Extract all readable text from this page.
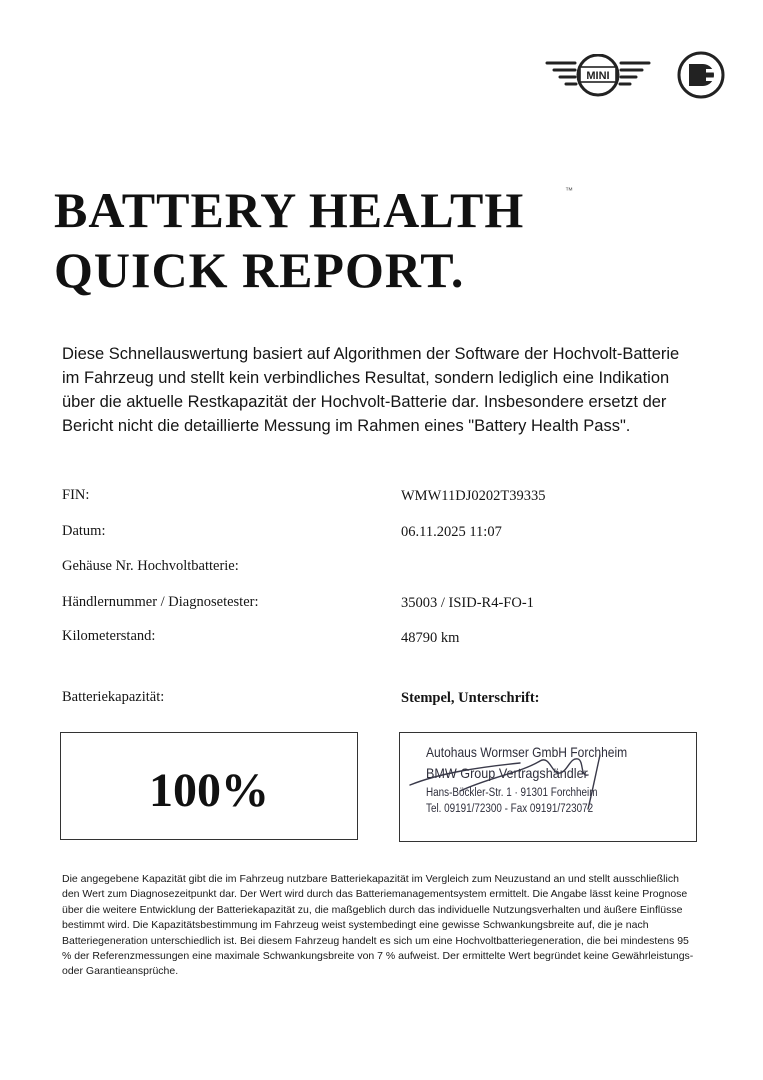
MINI
BATTERY HEALTH
QUICK REPORT.
™

Diese Schnellauswertung basiert auf Algorithmen der Software der Hochvolt-Batterie im Fahrzeug und stellt kein verbindliches Resultat, sondern lediglich eine Indikation über die aktuelle Restkapazität der Hochvolt-Batterie dar. Insbesondere ersetzt der Bericht nicht die detaillierte Messung im Rahmen eines "Battery Health Pass".

FIN:	WMW11DJ0202T39335
Datum:	06.11.2025 11:07
Gehäuse Nr. Hochvoltbatterie:
Händlernummer / Diagnosetester:	35003 / ISID-R4-FO-1
Kilometerstand:	48790 km
Batteriekapazität:
100%
Stempel, Unterschrift:
Autohaus Wormser GmbH Forchheim
BMW Group Vertragshändler
Hans-Böckler-Str. 1 · 91301 Forchheim
Tel. 09191/72300 - Fax 09191/723072

Die angegebene Kapazität gibt die im Fahrzeug nutzbare Batteriekapazität im Vergleich zum Neuzustand an und stellt ausschließlich den Wert zum Diagnosezeitpunkt dar. Der Wert wird durch das Batteriemanagementsystem ermittelt. Die Angabe lässt keine Prognose über die weitere Entwicklung der Batteriekapazität zu, die maßgeblich durch das individuelle Nutzungsverhalten und äußere Einflüsse bestimmt wird. Die Kapazitätsbestimmung im Fahrzeug weist systembedingt eine gewisse Schwankungsbreite auf, die je nach Batteriegeneration unterschiedlich ist. Bei diesem Fahrzeug handelt es sich um eine Hochvoltbatteriegeneration, die bei mindestens 95 % der Referenzmessungen eine maximale Schwankungsbreite von 7 % aufweist. Der ermittelte Wert begründet keine Gewährleistungs- oder Garantieansprüche.
